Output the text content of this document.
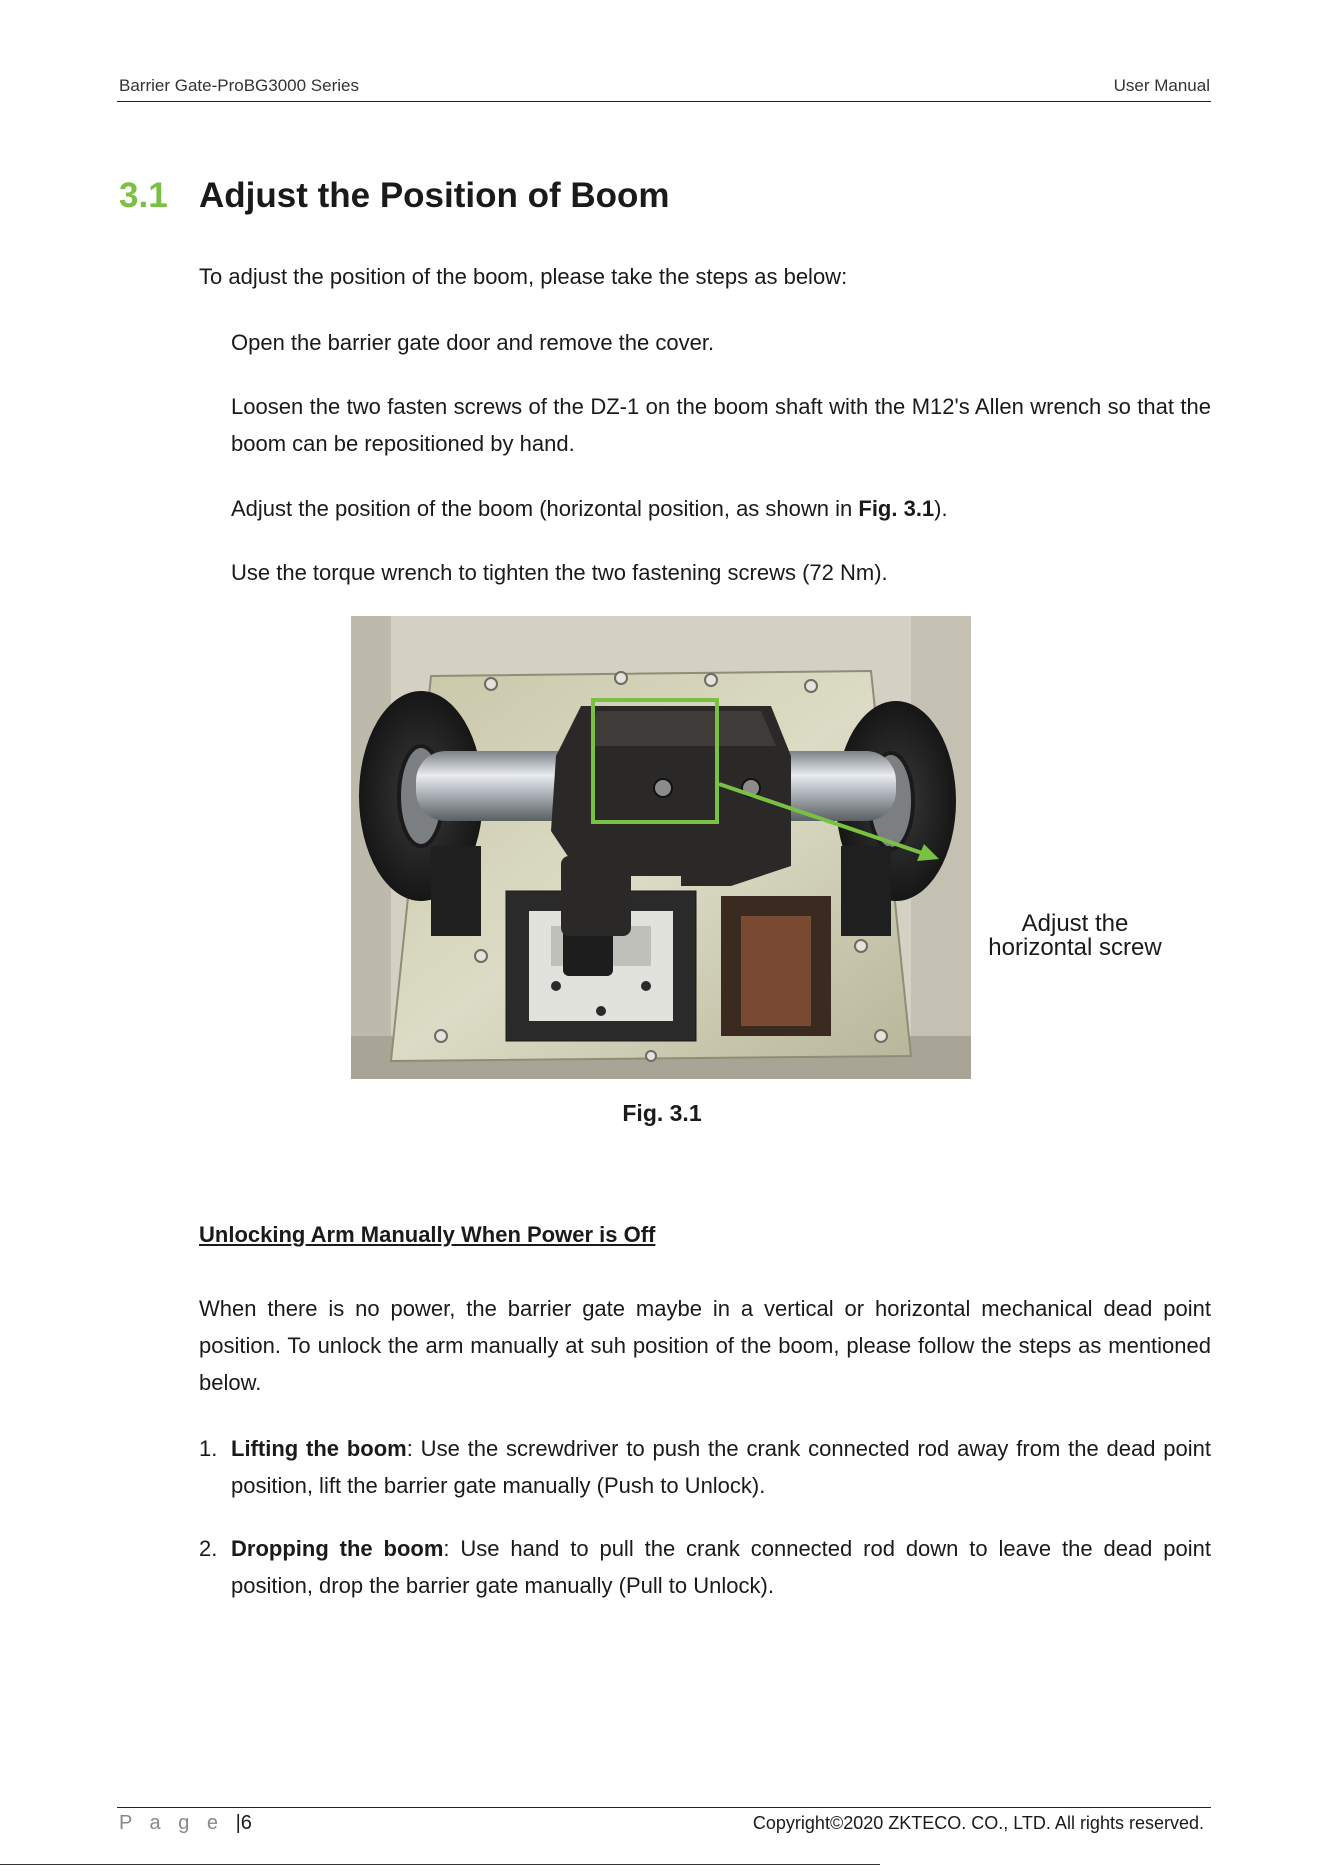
Barrier Gate-ProBG3000 Series	User Manual
3.1 Adjust the Position of Boom
To adjust the position of the boom, please take the steps as below:
Open the barrier gate door and remove the cover.
Loosen the two fasten screws of the DZ-1 on the boom shaft with the M12's Allen wrench so that the boom can be repositioned by hand.
Adjust the position of the boom (horizontal position, as shown in Fig. 3.1).
Use the torque wrench to tighten the two fastening screws (72 Nm).
Adjust the
horizontal screw
Fig. 3.1
Unlocking Arm Manually When Power is Off
When there is no power, the barrier gate maybe in a vertical or horizontal mechanical dead point position. To unlock the arm manually at suh position of the boom, please follow the steps as mentioned below.
1. Lifting the boom: Use the screwdriver to push the crank connected rod away from the dead point position, lift the barrier gate manually (Push to Unlock).
2. Dropping the boom: Use hand to pull the crank connected rod down to leave the dead point position, drop the barrier gate manually (Pull to Unlock).
P a g e |6	Copyright©2020 ZKTECO. CO., LTD. All rights reserved.
